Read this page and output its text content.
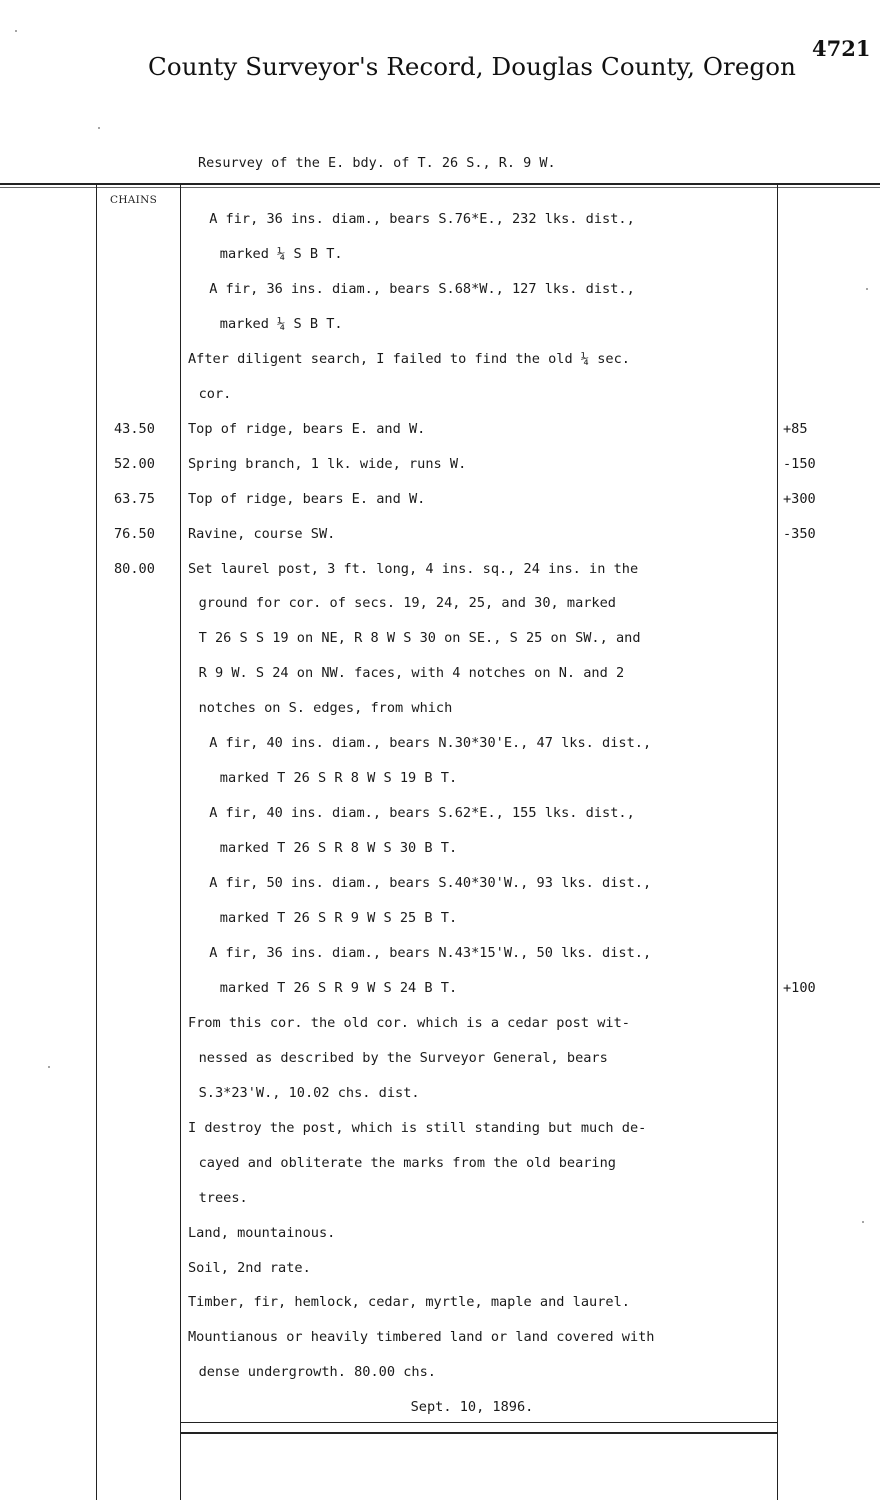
County Surveyor's Record, Douglas County, Oregon
4721
Resurvey of the E. bdy. of T. 26 S., R. 9 W.
CHAINS
A fir, 36 ins. diam., bears S.76*E., 232 lks. dist.,
marked ¼ S B T.
A fir, 36 ins. diam., bears S.68*W., 127 lks. dist.,
marked ¼ S B T.
After diligent search, I failed to find the old ¼ sec.
cor.
43.50 Top of ridge, bears E. and W.	+85
52.00 Spring branch, 1 lk. wide, runs W.	-150
63.75 Top of ridge, bears E. and W.	+300
76.50 Ravine, course SW.	-350
80.00 Set laurel post, 3 ft. long, 4 ins. sq., 24 ins. in the
ground for cor. of secs. 19, 24, 25, and 30, marked
T 26 S S 19 on NE, R 8 W S 30 on SE., S 25 on SW., and
R 9 W. S 24 on NW. faces, with 4 notches on N. and 2
notches on S. edges, from which
A fir, 40 ins. diam., bears N.30*30'E., 47 lks. dist.,
marked T 26 S R 8 W S 19 B T.
A fir, 40 ins. diam., bears S.62*E., 155 lks. dist.,
marked T 26 S R 8 W S 30 B T.
A fir, 50 ins. diam., bears S.40*30'W., 93 lks. dist.,
marked T 26 S R 9 W S 25 B T.
A fir, 36 ins. diam., bears N.43*15'W., 50 lks. dist.,
marked T 26 S R 9 W S 24 B T.	+100
From this cor. the old cor. which is a cedar post wit-
nessed as described by the Surveyor General, bears
S.3*23'W., 10.02 chs. dist.
I destroy the post, which is still standing but much de-
cayed and obliterate the marks from the old bearing
trees.
Land, mountainous.
Soil, 2nd rate.
Timber, fir, hemlock, cedar, myrtle, maple and laurel.
Mountianous or heavily timbered land or land covered with
dense undergrowth. 80.00 chs.
Sept. 10, 1896.
